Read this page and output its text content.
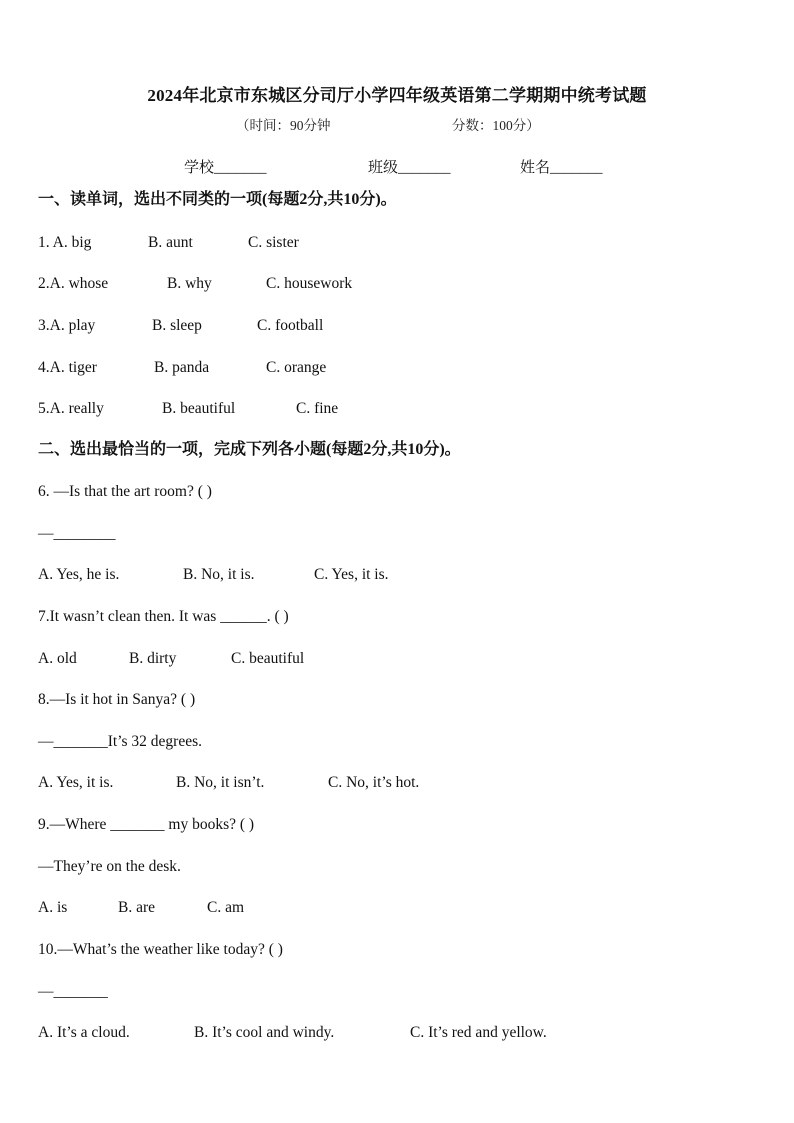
2024年北京市东城区分司厅小学四年级英语第二学期期中统考试题
（时间：90分钟	分数：100分）
学校_______	班级_______	姓名_______
一、读单词，选出不同类的一项(每题2分,共10分)。
1. A. big	B. aunt	C. sister
2.A. whose	B. why	C. housework
3.A. play	B. sleep	C. football
4.A. tiger	B. panda	C. orange
5.A. really	B. beautiful	C. fine
二、选出最恰当的一项，完成下列各小题(每题2分,共10分)。
6. —Is that the art room? ( )
—________
A. Yes, he is.	B. No, it is.	C. Yes, it is.
7.It wasn’t clean then. It was ______. ( )
A. old	B. dirty	C. beautiful
8.—Is it hot in Sanya? ( )
—_______It’s 32 degrees.
A. Yes, it is.	B. No, it isn’t.	C. No, it’s hot.
9.—Where _______ my books? ( )
—They’re on the desk.
A. is	B. are	C. am
10.—What’s the weather like today? ( )
—_______
A. It’s a cloud.	B. It’s cool and windy.	C. It’s red and yellow.
